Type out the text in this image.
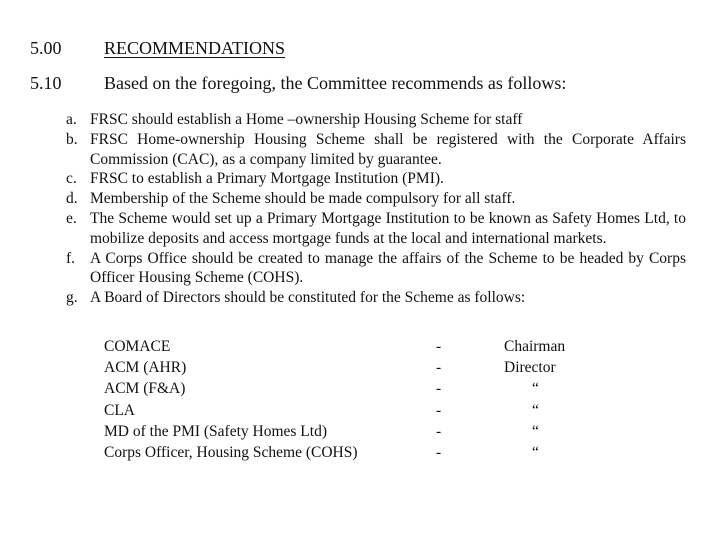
5.00 RECOMMENDATIONS
5.10 Based on the foregoing, the Committee recommends as follows:
a. FRSC should establish a Home –ownership Housing Scheme for staff
b. FRSC Home-ownership Housing Scheme shall be registered with the Corporate Affairs Commission (CAC), as a company limited by guarantee.
c. FRSC to establish a Primary Mortgage Institution (PMI).
d. Membership of the Scheme should be made compulsory for all staff.
e. The Scheme would set up a Primary Mortgage Institution to be known as Safety Homes Ltd, to mobilize deposits and access mortgage funds at the local and international markets.
f. A Corps Office should be created to manage the affairs of the Scheme to be headed by Corps Officer Housing Scheme (COHS).
g. A Board of Directors should be constituted for the Scheme as follows:
COMACE	-	Chairman
ACM (AHR)	-	Director
ACM (F&A)	-	“
CLA	-	“
MD of the PMI (Safety Homes Ltd)	-	“
Corps Officer, Housing Scheme (COHS)	-	“
